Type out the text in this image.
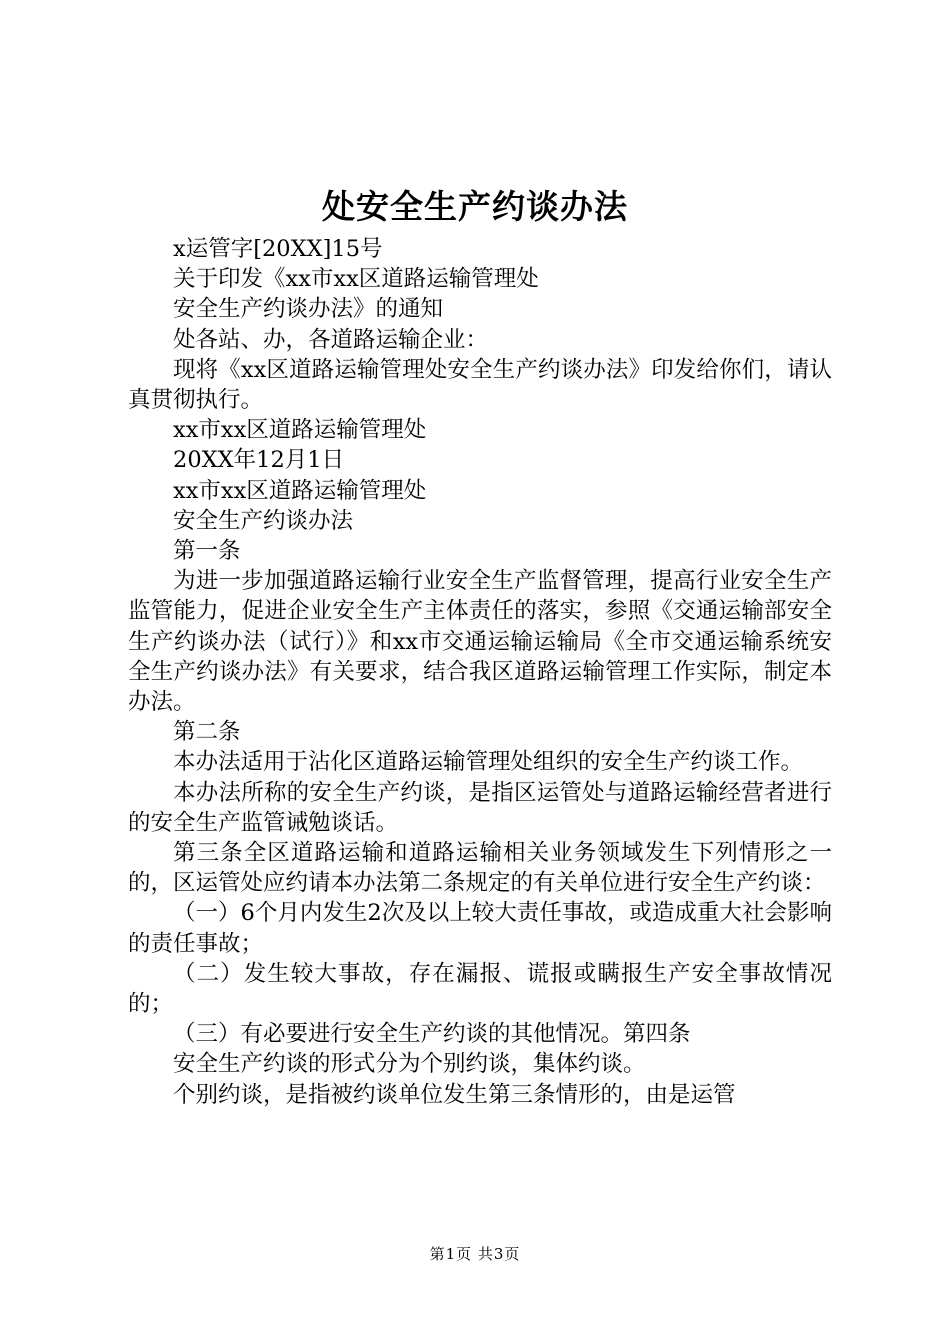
处安全生产约谈办法

x运管字[20XX]15号

关于印发《xx市xx区道路运输管理处

安全生产约谈办法》的通知

处各站、办，各道路运输企业：

现将《xx区道路运输管理处安全生产约谈办法》印发给你们，请认真贯彻执行。

xx市xx区道路运输管理处

20XX年12月1日

xx市xx区道路运输管理处

安全生产约谈办法

第一条

为进一步加强道路运输行业安全生产监督管理，提高行业安全生产监管能力，促进企业安全生产主体责任的落实，参照《交通运输部安全生产约谈办法（试行）》和xx市交通运输运输局《全市交通运输系统安全生产约谈办法》有关要求，结合我区道路运输管理工作实际，制定本办法。

第二条

本办法适用于沾化区道路运输管理处组织的安全生产约谈工作。

本办法所称的安全生产约谈，是指区运管处与道路运输经营者进行的安全生产监管诫勉谈话。

第三条全区道路运输和道路运输相关业务领域发生下列情形之一的，区运管处应约请本办法第二条规定的有关单位进行安全生产约谈：

（一）6个月内发生2次及以上较大责任事故，或造成重大社会影响的责任事故；

（二）发生较大事故，存在漏报、谎报或瞒报生产安全事故情况的；

（三）有必要进行安全生产约谈的其他情况。第四条

安全生产约谈的形式分为个别约谈，集体约谈。

个别约谈，是指被约谈单位发生第三条情形的，由是运管

第1页 共3页
